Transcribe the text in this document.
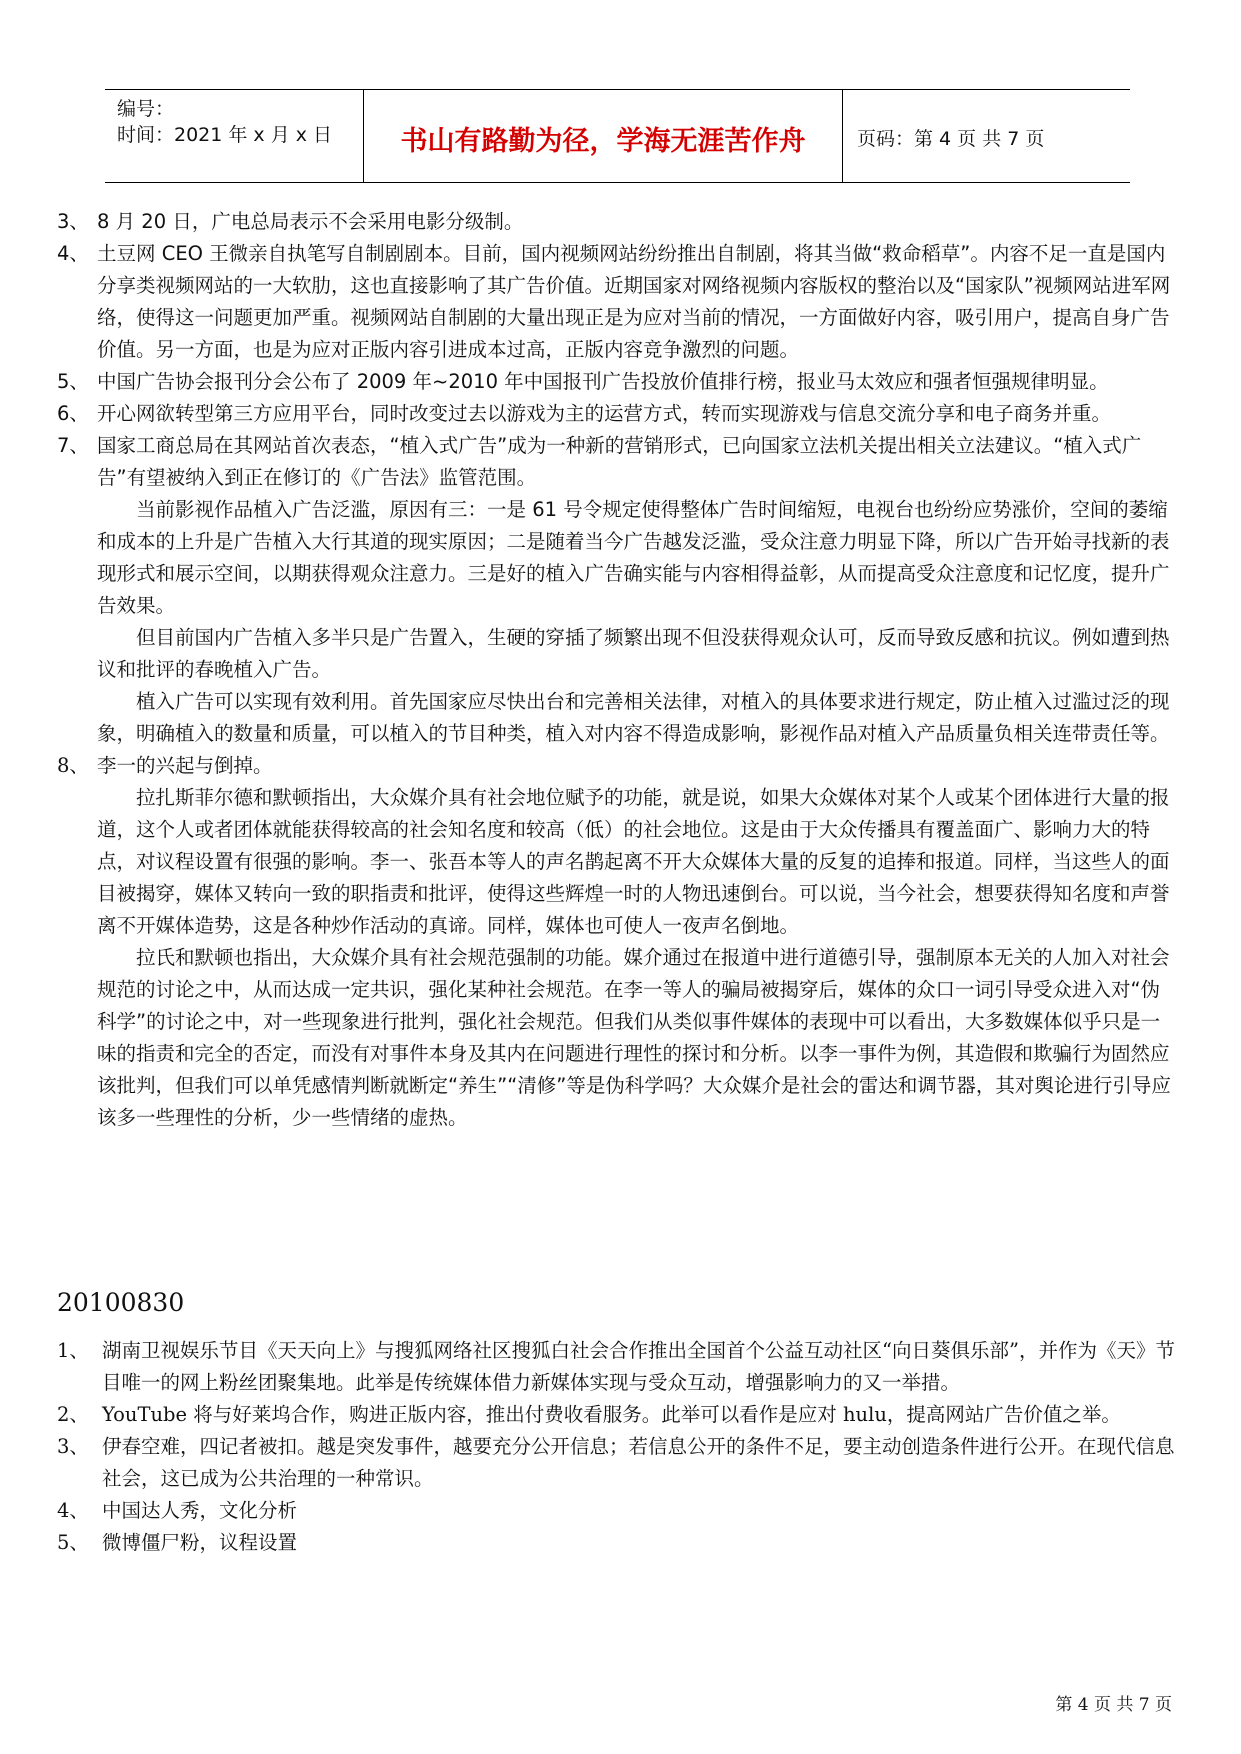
编号：
时间：2021 年 x 月 x 日	书山有路勤为径，学海无涯苦作舟	页码：第 4 页 共 7 页
3、 8 月 20 日，广电总局表示不会采用电影分级制。
4、 土豆网 CEO 王微亲自执笔写自制剧剧本。目前，国内视频网站纷纷推出自制剧，将其当做“救命稻草”。内容不足一直是国内分享类视频网站的一大软肋，这也直接影响了其广告价值。近期国家对网络视频内容版权的整治以及“国家队”视频网站进军网络，使得这一问题更加严重。视频网站自制剧的大量出现正是为应对当前的情况，一方面做好内容，吸引用户，提高自身广告价值。另一方面，也是为应对正版内容引进成本过高，正版内容竞争激烈的问题。
5、 中国广告协会报刊分会公布了 2009 年~2010 年中国报刊广告投放价值排行榜，报业马太效应和强者恒强规律明显。
6、 开心网欲转型第三方应用平台，同时改变过去以游戏为主的运营方式，转而实现游戏与信息交流分享和电子商务并重。
7、 国家工商总局在其网站首次表态，“植入式广告”成为一种新的营销形式，已向国家立法机关提出相关立法建议。“植入式广告”有望被纳入到正在修订的《广告法》监管范围。
当前影视作品植入广告泛滥，原因有三：一是 61 号令规定使得整体广告时间缩短，电视台也纷纷应势涨价，空间的萎缩和成本的上升是广告植入大行其道的现实原因；二是随着当今广告越发泛滥，受众注意力明显下降，所以广告开始寻找新的表现形式和展示空间，以期获得观众注意力。三是好的植入广告确实能与内容相得益彰，从而提高受众注意度和记忆度，提升广告效果。
但目前国内广告植入多半只是广告置入，生硬的穿插了频繁出现不但没获得观众认可，反而导致反感和抗议。例如遭到热议和批评的春晚植入广告。
植入广告可以实现有效利用。首先国家应尽快出台和完善相关法律，对植入的具体要求进行规定，防止植入过滥过泛的现象，明确植入的数量和质量，可以植入的节目种类，植入对内容不得造成影响，影视作品对植入产品质量负相关连带责任等。
8、 李一的兴起与倒掉。
拉扎斯菲尔德和默顿指出，大众媒介具有社会地位赋予的功能，就是说，如果大众媒体对某个人或某个团体进行大量的报道，这个人或者团体就能获得较高的社会知名度和较高（低）的社会地位。这是由于大众传播具有覆盖面广、影响力大的特点，对议程设置有很强的影响。李一、张吾本等人的声名鹊起离不开大众媒体大量的反复的追捧和报道。同样，当这些人的面目被揭穿，媒体又转向一致的职指责和批评，使得这些辉煌一时的人物迅速倒台。可以说，当今社会，想要获得知名度和声誉离不开媒体造势，这是各种炒作活动的真谛。同样，媒体也可使人一夜声名倒地。
拉氏和默顿也指出，大众媒介具有社会规范强制的功能。媒介通过在报道中进行道德引导，强制原本无关的人加入对社会规范的讨论之中，从而达成一定共识，强化某种社会规范。在李一等人的骗局被揭穿后，媒体的众口一词引导受众进入对“伪科学”的讨论之中，对一些现象进行批判，强化社会规范。但我们从类似事件媒体的表现中可以看出，大多数媒体似乎只是一味的指责和完全的否定，而没有对事件本身及其内在问题进行理性的探讨和分析。以李一事件为例，其造假和欺骗行为固然应该批判，但我们可以单凭感情判断就断定“养生”“清修”等是伪科学吗？大众媒介是社会的雷达和调节器，其对舆论进行引导应该多一些理性的分析，少一些情绪的虚热。
20100830
1、 湖南卫视娱乐节目《天天向上》与搜狐网络社区搜狐白社会合作推出全国首个公益互动社区“向日葵俱乐部”，并作为《天》节目唯一的网上粉丝团聚集地。此举是传统媒体借力新媒体实现与受众互动，增强影响力的又一举措。
2、 YouTube 将与好莱坞合作，购进正版内容，推出付费收看服务。此举可以看作是应对 hulu，提高网站广告价值之举。
3、 伊春空难，四记者被扣。越是突发事件，越要充分公开信息；若信息公开的条件不足，要主动创造条件进行公开。在现代信息社会，这已成为公共治理的一种常识。
4、 中国达人秀，文化分析
5、 微博僵尸粉，议程设置
第 4 页 共 7 页
